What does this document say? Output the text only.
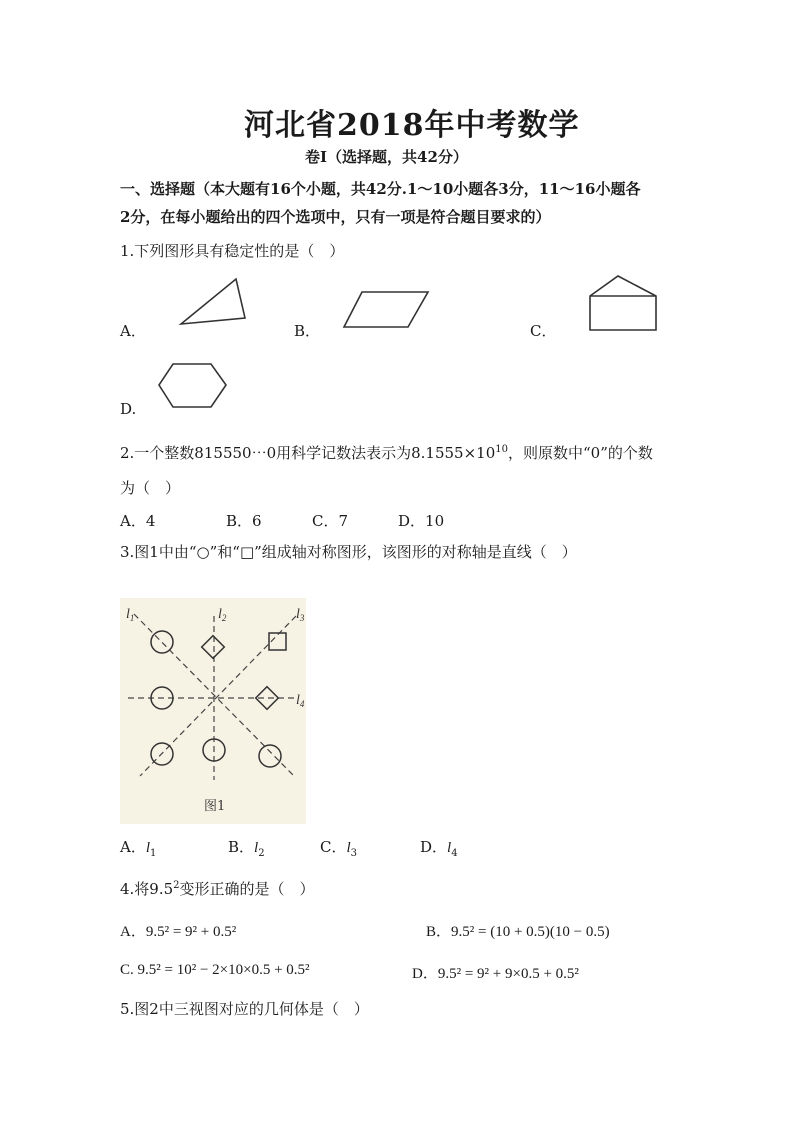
河北省2018年中考数学
卷Ⅰ（选择题，共42分）
一、选择题（本大题有16个小题，共42分.1～10小题各3分，11～16小题各
2分，在每小题给出的四个选项中，只有一项是符合题目要求的）
1.下列图形具有稳定性的是（　）
A．	B．	C．
D.
2.一个整数815550⋯0用科学记数法表示为$8.1555\times 10^{10}$，则原数中“0”的个数
为（　）
A．4	B．6	C．7	D．10
3.图1中由“○”和“□”组成轴对称图形，该图形的对称轴是直线（　）
$l_1$	$l_2$	$l_3$
$l_4$
图1
A．$l_1$	B．$l_2$	C．$l_3$	D．$l_4$
4.将$9.5^2$变形正确的是（　）
A．9.5² = 9² + 0.5²	B．9.5² = (10 + 0.5)(10 − 0.5)
C. 9.5² = 10² − 2×10×0.5 + 0.5²	D．9.5² = 9² + 9×0.5 + 0.5²
5.图2中三视图对应的几何体是（　）
